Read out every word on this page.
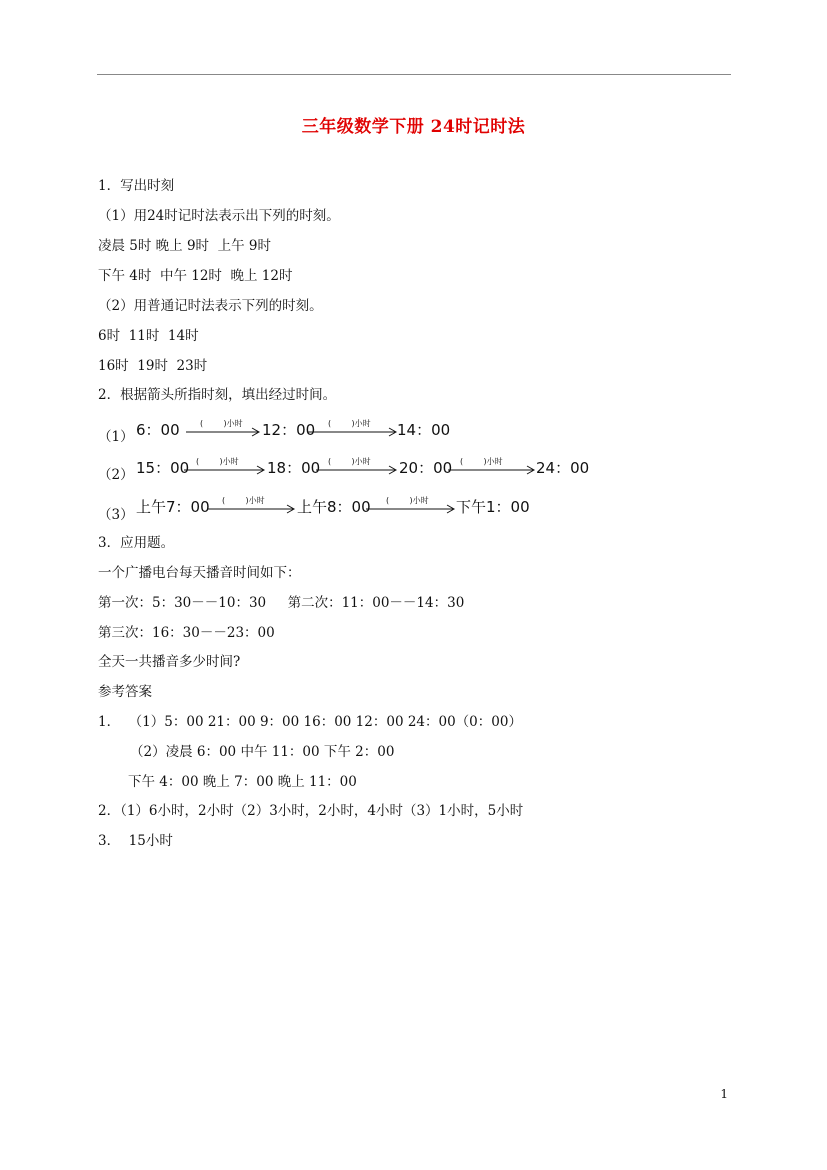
三年级数学下册 24时记时法
1．写出时刻
（1）用24时记时法表示出下列的时刻。
凌晨 5时 晚上 9时  上午 9时
下午 4时  中午 12时  晚上 12时
（2）用普通记时法表示下列的时刻。
6时  11时  14时
16时  19时  23时
2．根据箭头所指时刻，填出经过时间。
（1） 6：00	(        )小时 12：00 (        )小时 14：00
（2） 15：00 (        )小时 18：00 (        )小时 20：00 (        )小时 24：00
（3） 上午7：00 (        )小时 上午8：00 (        )小时 下午1：00
3．应用题。
一个广播电台每天播音时间如下：
第一次：5：30－－10：30     第二次：11：00－－14：30
第三次：16：30－－23：00
全天一共播音多少时间?
参考答案
1．  （1）5：00 21：00 9：00 16：00 12：00 24：00（0：00）
（2）凌晨 6：00 中午 11：00 下午 2：00
下午 4：00 晚上 7：00 晚上 11：00
2．（1）6小时，2小时（2）3小时，2小时，4小时（3）1小时，5小时
3．  15小时
1
